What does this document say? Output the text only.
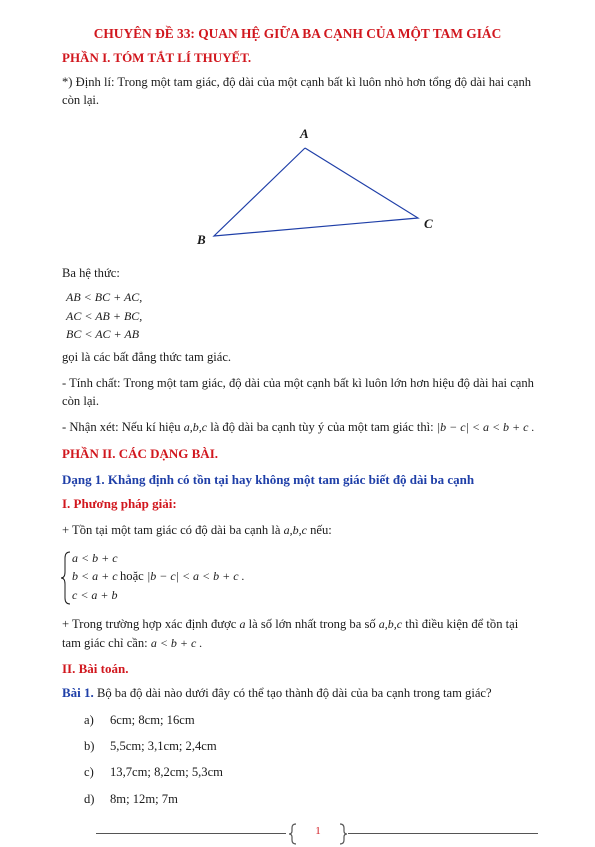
CHUYÊN ĐỀ 33: QUAN HỆ GIỮA BA CẠNH CỦA MỘT TAM GIÁC
PHẦN I. TÓM TẮT LÍ THUYẾT.
*) Định lí: Trong một tam giác, độ dài của một cạnh bất kì luôn nhỏ hơn tổng độ dài hai cạnh
còn lại.
A
B
C
Ba hệ thức:
AB < BC + AC,
AC < AB + BC,
BC < AC + AB
gọi là các bất đẳng thức tam giác.
- Tính chất: Trong một tam giác, độ dài của một cạnh bất kì luôn lớn hơn hiệu độ dài hai cạnh
còn lại.
- Nhận xét: Nếu kí hiệu a,b,c là độ dài ba cạnh tùy ý của một tam giác thì: |b − c| < a < b + c .
PHẦN II. CÁC DẠNG BÀI.
Dạng 1. Khẳng định có tồn tại hay không một tam giác biết độ dài ba cạnh
I. Phương pháp giải:
+ Tồn tại một tam giác có độ dài ba cạnh là a,b,c nếu:
a < b + c
b < a + c
c < a + b
hoặc |b − c| < a < b + c .
+ Trong trường hợp xác định được a là số lớn nhất trong ba số a,b,c thì điều kiện để tồn tại
tam giác chỉ cần: a < b + c .
II. Bài toán.
Bài 1. Bộ ba độ dài nào dưới đây có thể tạo thành độ dài của ba cạnh trong tam giác?
a) 6cm; 8cm; 16cm
b) 5,5cm; 3,1cm; 2,4cm
c) 13,7cm; 8,2cm; 5,3cm
d) 8m; 12m; 7m
1
